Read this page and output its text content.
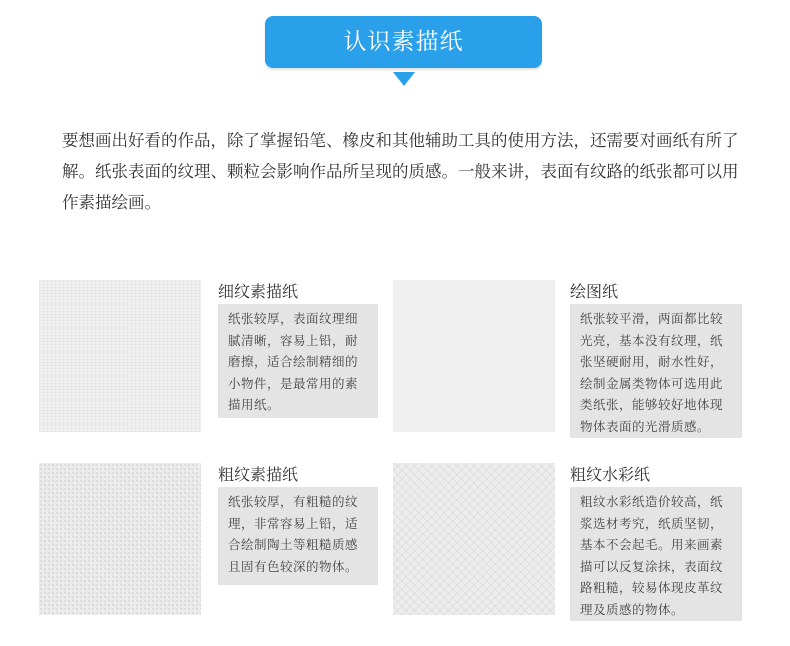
认识素描纸

要想画出好看的作品，除了掌握铅笔、橡皮和其他辅助工具的使用方法，还需要对画纸有所了解。纸张表面的纹理、颗粒会影响作品所呈现的质感。一般来讲，表面有纹路的纸张都可以用作素描绘画。

细纹素描纸

纸张较厚，表面纹理细腻清晰，容易上铅，耐磨擦，适合绘制精细的小物件，是最常用的素描用纸。

绘图纸

纸张较平滑，两面都比较光亮，基本没有纹理，纸张坚硬耐用，耐水性好，绘制金属类物体可选用此类纸张，能够较好地体现物体表面的光滑质感。

粗纹素描纸

纸张较厚，有粗糙的纹理，非常容易上铅，适合绘制陶土等粗糙质感且固有色较深的物体。

粗纹水彩纸

粗纹水彩纸造价较高，纸浆选材考究，纸质坚韧，基本不会起毛。用来画素描可以反复涂抹，表面纹路粗糙，较易体现皮革纹理及质感的物体。
